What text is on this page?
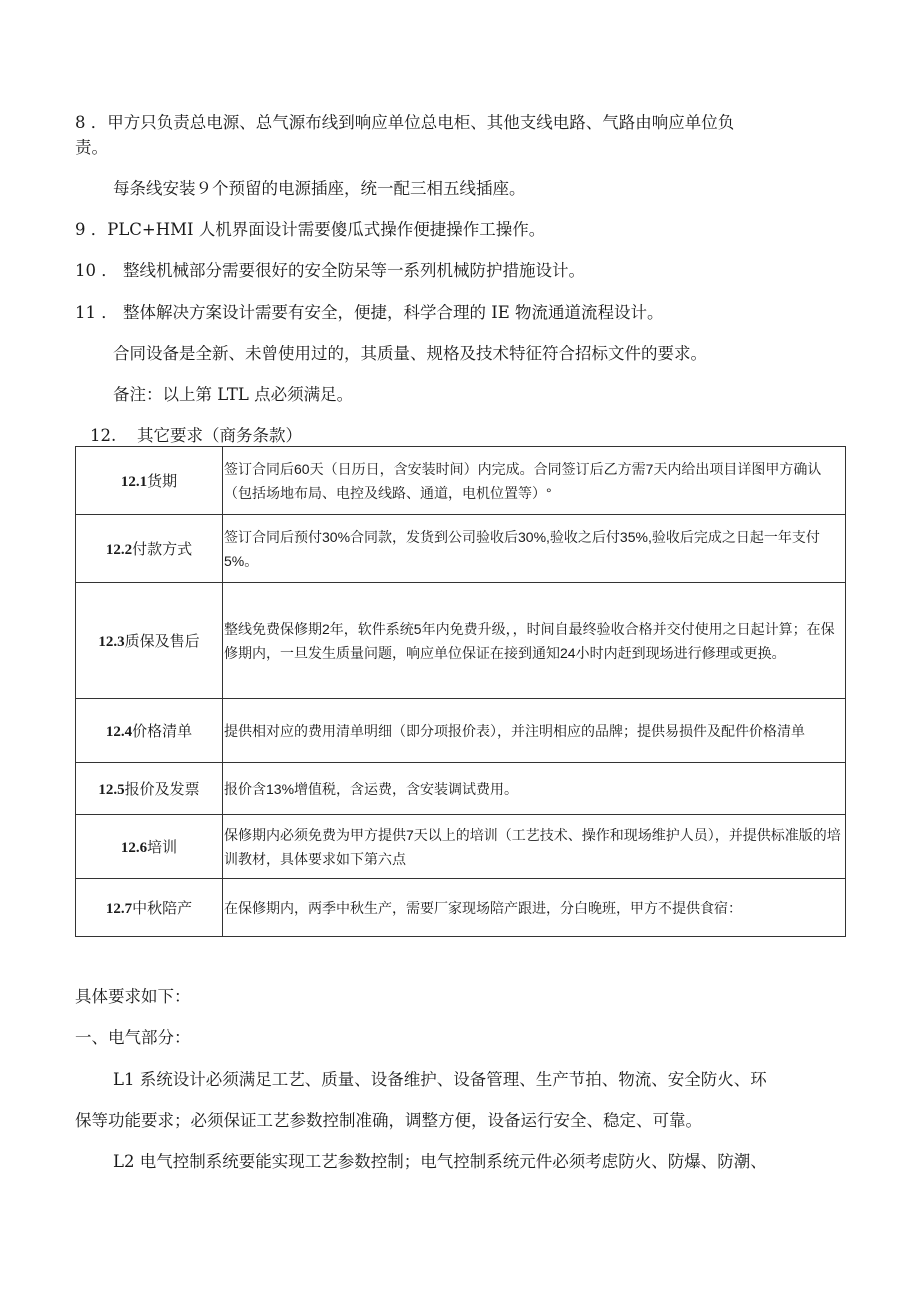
8 ．甲方只负责总电源、总气源布线到响应单位总电柜、其他支线电路、气路由响应单位负
责。
每条线安装９个预留的电源插座，统一配三相五线插座。
9 ．PLC+HMI 人机界面设计需要傻瓜式操作便捷操作工操作。
10 ． 整线机械部分需要很好的安全防呆等一系列机械防护措施设计。
11 ． 整体解决方案设计需要有安全，便捷，科学合理的 IE 物流通道流程设计。
合同设备是全新、未曾使用过的，其质量、规格及技术特征符合招标文件的要求。
备注：以上第 LTL 点必须满足。
12. 其它要求（商务条款）
12.1货期	签订合同后60天（日历日，含安装时间）内完成。合同签订后乙方需7天内给出项目详图甲方确认（包括场地布局、电控及线路、通道，电机位置等）°
12.2付款方式	签订合同后预付30%合同款，发货到公司验收后30%,验收之后付35%,验收后完成之日起一年支付5%。
12.3质保及售后	整线免费保修期2年，软件系统5年内免费升级，，时间自最终验收合格并交付使用之日起计算；在保修期内，一旦发生质量问题，响应单位保证在接到通知24小时内赶到现场进行修理或更换。
12.4价格清单	提供相对应的费用清单明细（即分项报价表），并注明相应的品牌；提供易损件及配件价格清单
12.5报价及发票	报价含13%增值税，含运费，含安装调试费用。
12.6培训	保修期内必须免费为甲方提供7天以上的培训（工艺技术、操作和现场维护人员），并提供标准版的培训教材，具体要求如下第六点
12.7中秋陪产	在保修期内，两季中秋生产，需要厂家现场陪产跟进，分白晚班，甲方不提供食宿：
具体要求如下：
一、电气部分：
L1 系统设计必须满足工艺、质量、设备维护、设备管理、生产节拍、物流、安全防火、环
保等功能要求；必须保证工艺参数控制准确，调整方便，设备运行安全、稳定、可靠。
L2 电气控制系统要能实现工艺参数控制；电气控制系统元件必须考虑防火、防爆、防潮、
